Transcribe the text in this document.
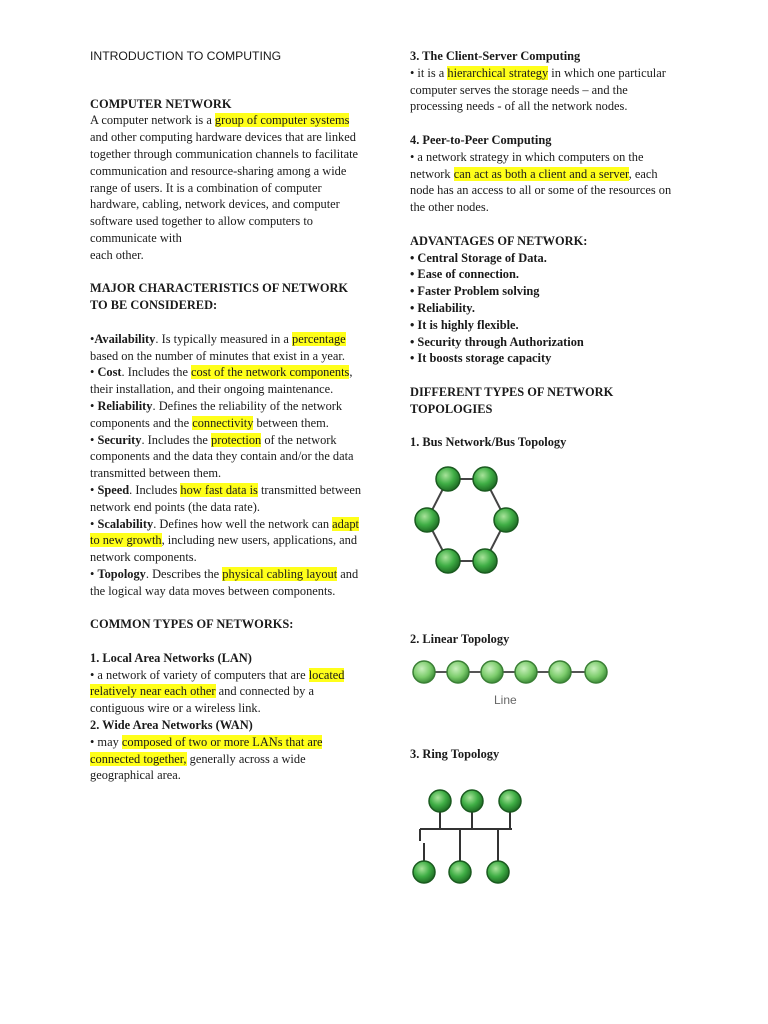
INTRODUCTION TO COMPUTING

COMPUTER NETWORK

A computer network is a group of computer systems and other computing hardware devices that are linked together through communication channels to facilitate communication and resource-sharing among a wide range of users. It is a combination of computer hardware, cabling, network devices, and computer software used together to allow computers to communicate with

each other.

MAJOR CHARACTERISTICS OF NETWORK TO BE CONSIDERED:

•Availability. Is typically measured in a percentage based on the number of minutes that exist in a year.

• Cost. Includes the cost of the network components, their installation, and their ongoing maintenance.

• Reliability. Defines the reliability of the network components and the connectivity between them.

• Security. Includes the protection of the network components and the data they contain and/or the data transmitted between them.

• Speed. Includes how fast data is transmitted between network end points (the data rate).

• Scalability. Defines how well the network can adapt to new growth, including new users, applications, and network components.

• Topology. Describes the physical cabling layout and the logical way data moves between components.

COMMON TYPES OF NETWORKS:

1. Local Area Networks (LAN)

• a network of variety of computers that are located relatively near each other and connected by a contiguous wire or a wireless link.

2. Wide Area Networks (WAN)

• may composed of two or more LANs that are connected together, generally across a wide geographical area.

3. The Client-Server Computing

• it is a hierarchical strategy in which one particular computer serves the storage needs – and the processing needs - of all the network nodes.

4. Peer-to-Peer Computing

• a network strategy in which computers on the network can act as both a client and a server, each node has an access to all or some of the resources on the other nodes.

ADVANTAGES OF NETWORK:

• Central Storage of Data.

• Ease of connection.

• Faster Problem solving

• Reliability.

• It is highly flexible.

• Security through Authorization

• It boosts storage capacity

DIFFERENT TYPES OF NETWORK TOPOLOGIES

1. Bus Network/Bus Topology

2. Linear Topology

Line

3. Ring Topology
